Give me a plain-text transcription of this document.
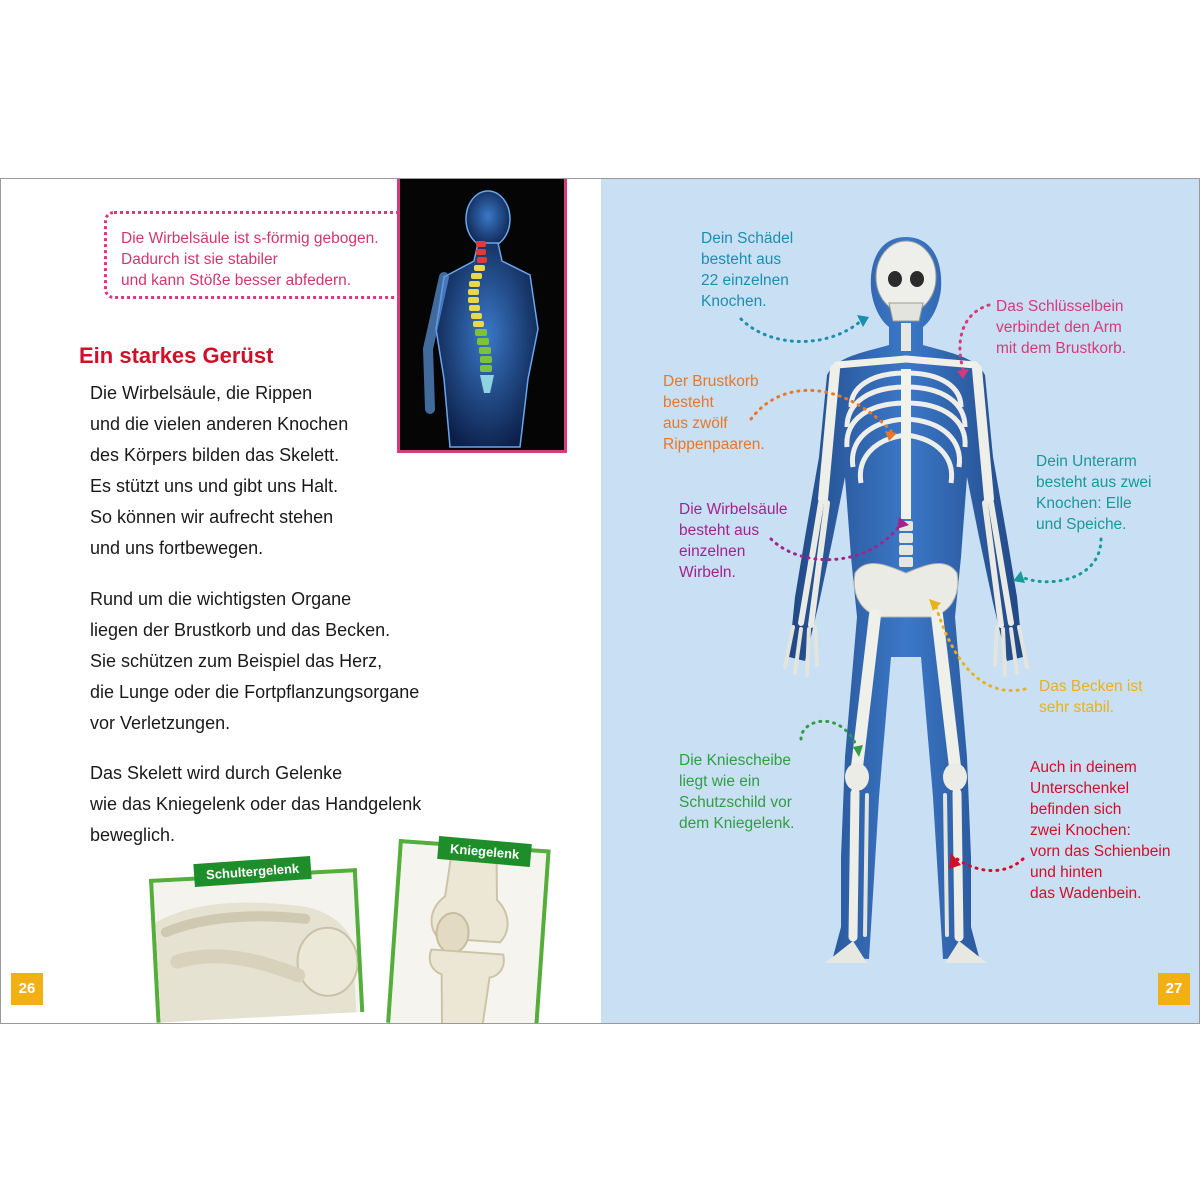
Die Wirbelsäule ist s-förmig gebogen.
Dadurch ist sie stabiler
und kann Stöße besser abfedern.
Ein starkes Gerüst
Die Wirbelsäule, die Rippen
und die vielen anderen Knochen
des Körpers bilden das Skelett.
Es stützt uns und gibt uns Halt.
So können wir aufrecht stehen
und uns fortbewegen.
Rund um die wichtigsten Organe
liegen der Brustkorb und das Becken.
Sie schützen zum Beispiel das Herz,
die Lunge oder die Fortpflanzungsorgane
vor Verletzungen.
Das Skelett wird durch Gelenke
wie das Kniegelenk oder das Handgelenk
beweglich.
Schultergelenk
Kniegelenk
26
Dein Schädel
besteht aus
22 einzelnen
Knochen.	Das Schlüsselbein
verbindet den Arm
mit dem Brustkorb.
Der Brustkorb
besteht
aus zwölf
Rippenpaaren.
Dein Unterarm
besteht aus zwei
Knochen: Elle
und Speiche.
Die Wirbelsäule
besteht aus
einzelnen
Wirbeln.
Das Becken ist
sehr stabil.
Die Kniescheibe
liegt wie ein
Schutzschild vor
dem Kniegelenk.
Auch in deinem
Unterschenkel
befinden sich
zwei Knochen:
vorn das Schienbein
und hinten
das Wadenbein.
27
